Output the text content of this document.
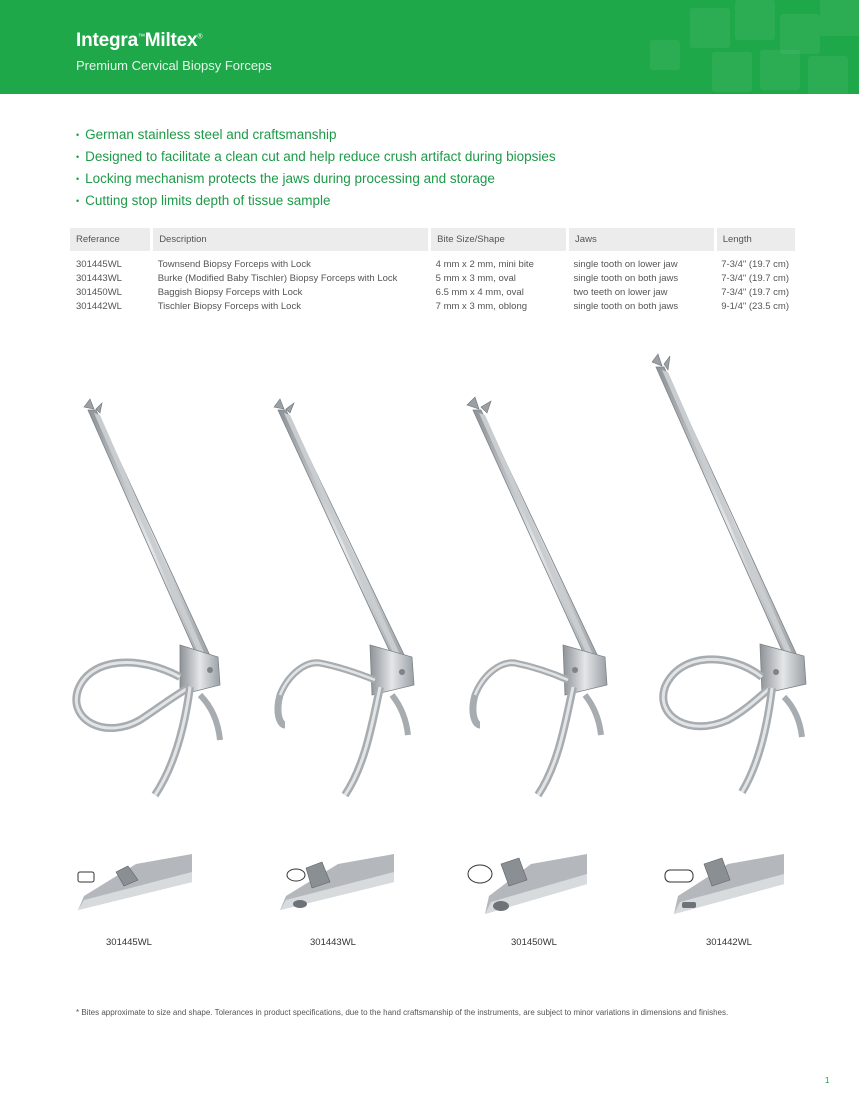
Integra™Miltex®
Premium Cervical Biopsy Forceps
• German stainless steel and craftsmanship
• Designed to facilitate a clean cut and help reduce crush artifact during biopsies
• Locking mechanism protects the jaws during processing and storage
• Cutting stop limits depth of tissue sample
Referance	Description	Bite Size/Shape	Jaws	Length

301445WL	Townsend Biopsy Forceps with Lock	4 mm x 2 mm, mini bite	single tooth on lower jaw	7-3/4" (19.7 cm)
301443WL	Burke (Modified Baby Tischler) Biopsy Forceps with Lock	5 mm x 3 mm, oval	single tooth on both jaws	7-3/4" (19.7 cm)
301450WL	Baggish Biopsy Forceps with Lock	6.5 mm x 4 mm, oval	two teeth on lower jaw	7-3/4" (19.7 cm)
301442WL	Tischler Biopsy Forceps with Lock	7 mm x 3 mm, oblong	single tooth on both jaws	9-1/4" (23.5 cm)
301445WL	301443WL	301450WL	301442WL
* Bites approximate to size and shape. Tolerances in product specifications, due to the hand craftsmanship of the instruments, are subject to minor variations in dimensions and finishes.
1
